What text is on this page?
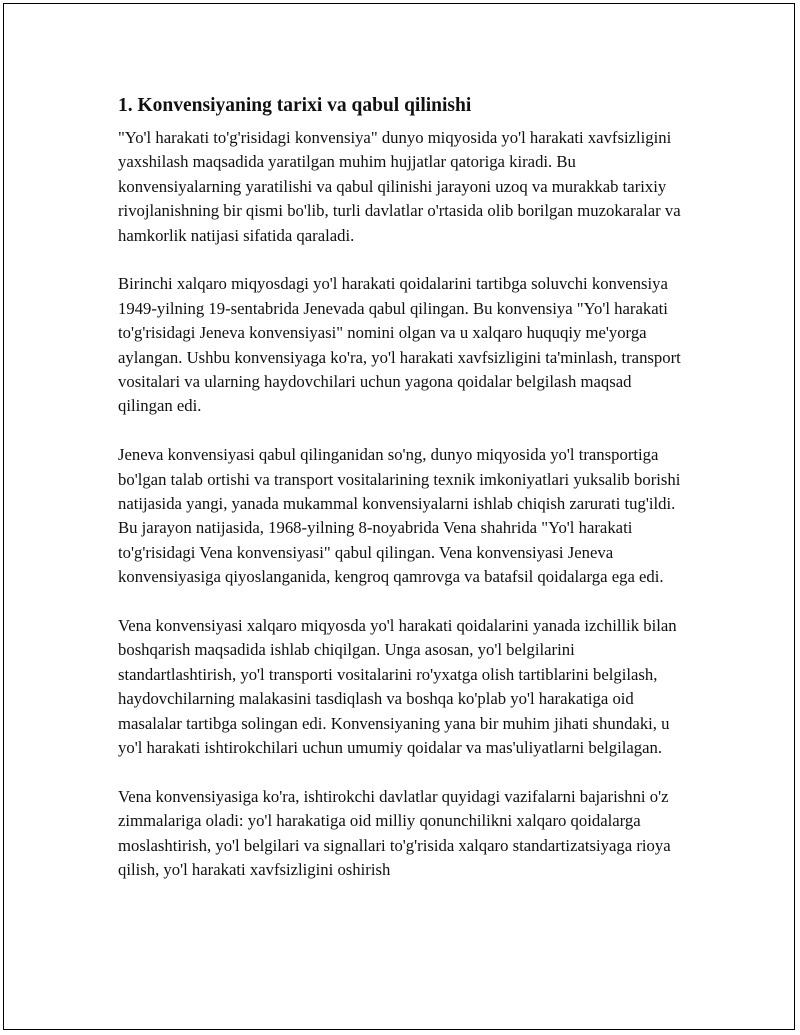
1. Konvensiyaning tarixi va qabul qilinishi

"Yo'l harakati to'g'risidagi konvensiya" dunyo miqyosida yo'l harakati xavfsizligini yaxshilash maqsadida yaratilgan muhim hujjatlar qatoriga kiradi. Bu konvensiyalarning yaratilishi va qabul qilinishi jarayoni uzoq va murakkab tarixiy rivojlanishning bir qismi bo'lib, turli davlatlar o'rtasida olib borilgan muzokaralar va hamkorlik natijasi sifatida qaraladi.

Birinchi xalqaro miqyosdagi yo'l harakati qoidalarini tartibga soluvchi konvensiya 1949-yilning 19-sentabrida Jenevada qabul qilingan. Bu konvensiya "Yo'l harakati to'g'risidagi Jeneva konvensiyasi" nomini olgan va u xalqaro huquqiy me'yorga aylangan. Ushbu konvensiyaga ko'ra, yo'l harakati xavfsizligini ta'minlash, transport vositalari va ularning haydovchilari uchun yagona qoidalar belgilash maqsad qilingan edi.

Jeneva konvensiyasi qabul qilinganidan so'ng, dunyo miqyosida yo'l transportiga bo'lgan talab ortishi va transport vositalarining texnik imkoniyatlari yuksalib borishi natijasida yangi, yanada mukammal konvensiyalarni ishlab chiqish zarurati tug'ildi. Bu jarayon natijasida, 1968-yilning 8-noyabrida Vena shahrida "Yo'l harakati to'g'risidagi Vena konvensiyasi" qabul qilingan. Vena konvensiyasi Jeneva konvensiyasiga qiyoslanganida, kengroq qamrovga va batafsil qoidalarga ega edi.

Vena konvensiyasi xalqaro miqyosda yo'l harakati qoidalarini yanada izchillik bilan boshqarish maqsadida ishlab chiqilgan. Unga asosan, yo'l belgilarini standartlashtirish, yo'l transporti vositalarini ro'yxatga olish tartiblarini belgilash, haydovchilarning malakasini tasdiqlash va boshqa ko'plab yo'l harakatiga oid masalalar tartibga solingan edi. Konvensiyaning yana bir muhim jihati shundaki, u yo'l harakati ishtirokchilari uchun umumiy qoidalar va mas'uliyatlarni belgilagan.

Vena konvensiyasiga ko'ra, ishtirokchi davlatlar quyidagi vazifalarni bajarishni o'z zimmalariga oladi: yo'l harakatiga oid milliy qonunchilikni xalqaro qoidalarga moslashtirish, yo'l belgilari va signallari to'g'risida xalqaro standartizatsiyaga rioya qilish, yo'l harakati xavfsizligini oshirish
